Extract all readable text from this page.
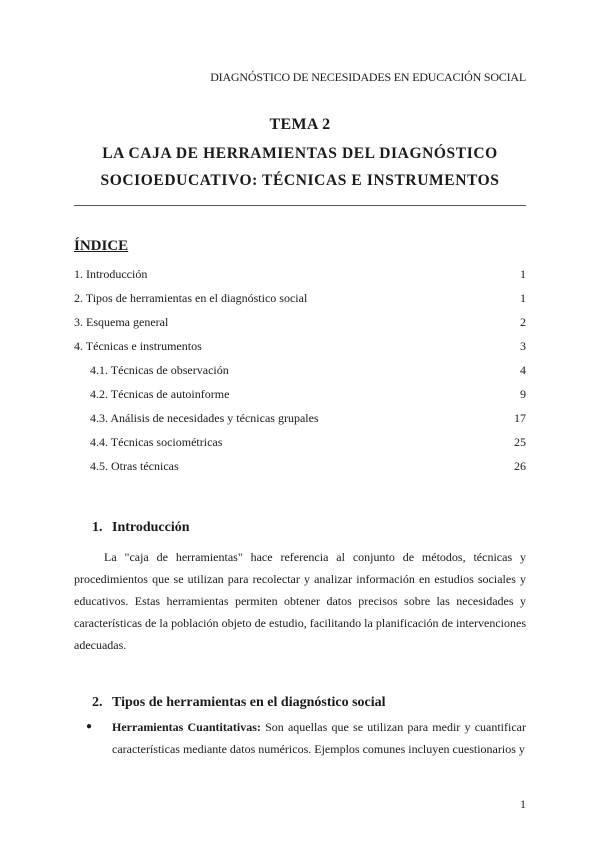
DIAGNÓSTICO DE NECESIDADES EN EDUCACIÓN SOCIAL
TEMA 2
LA CAJA DE HERRAMIENTAS DEL DIAGNÓSTICO
SOCIOEDUCATIVO: TÉCNICAS E INSTRUMENTOS
ÍNDICE
1. Introducción	1
2. Tipos de herramientas en el diagnóstico social	1
3. Esquema general	2
4. Técnicas e instrumentos	3
4.1. Técnicas de observación	4
4.2. Técnicas de autoinforme	9
4.3. Análisis de necesidades y técnicas grupales	17
4.4. Técnicas sociométricas	25
4.5. Otras técnicas	26
1. Introducción
La "caja de herramientas" hace referencia al conjunto de métodos, técnicas y procedimientos que se utilizan para recolectar y analizar información en estudios sociales y educativos. Estas herramientas permiten obtener datos precisos sobre las necesidades y características de la población objeto de estudio, facilitando la planificación de intervenciones adecuadas.
2. Tipos de herramientas en el diagnóstico social
●	Herramientas Cuantitativas: Son aquellas que se utilizan para medir y cuantificar características mediante datos numéricos. Ejemplos comunes incluyen cuestionarios y
1
